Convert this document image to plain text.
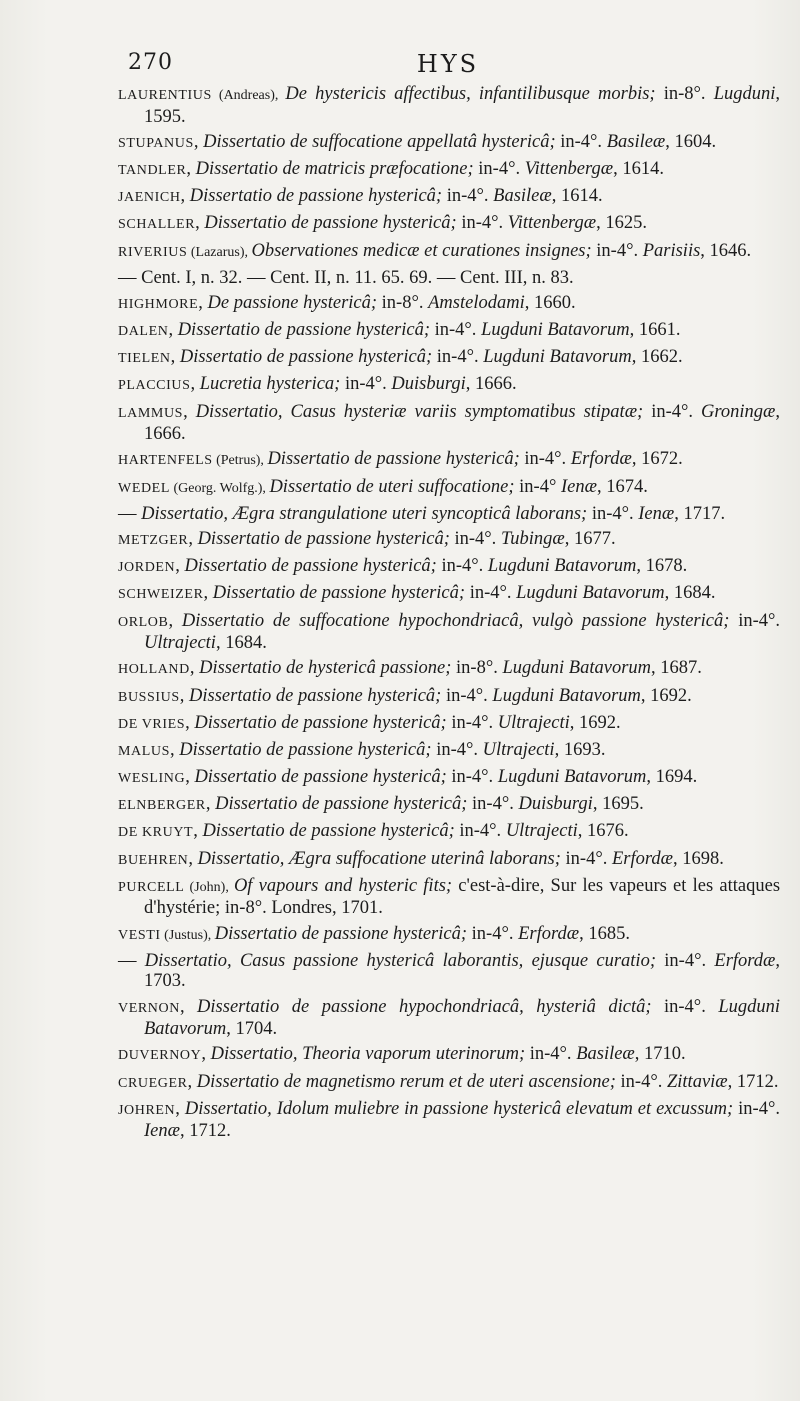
270	HYS

LAURENTIUS (Andreas), De hystericis affectibus, infantilibusque morbis; in-8°. Lugduni, 1595.

STUPANUS, Dissertatio de suffocatione appellatâ hystericâ; in-4°. Basileæ, 1604.

TANDLER, Dissertatio de matricis præfocatione; in-4°. Vittenbergæ, 1614.

JAENICH, Dissertatio de passione hystericâ; in-4°. Basileæ, 1614.

SCHALLER, Dissertatio de passione hystericâ; in-4°. Vittenbergæ, 1625.

RIVERIUS (Lazarus), Observationes medicæ et curationes insignes; in-4°. Parisiis, 1646.

— Cent. I, n. 32. — Cent. II, n. 11. 65. 69. — Cent. III, n. 83.

HIGHMORE, De passione hystericâ; in-8°. Amstelodami, 1660.

DALEN, Dissertatio de passione hystericâ; in-4°. Lugduni Batavorum, 1661.

TIELEN, Dissertatio de passione hystericâ; in-4°. Lugduni Batavorum, 1662.

PLACCIUS, Lucretia hysterica; in-4°. Duisburgi, 1666.

LAMMUS, Dissertatio, Casus hysteriæ variis symptomatibus stipatæ; in-4°. Groningæ, 1666.

HARTENFELS (Petrus), Dissertatio de passione hystericâ; in-4°. Erfordæ, 1672.

WEDEL (Georg. Wolfg.), Dissertatio de uteri suffocatione; in-4° Ienæ, 1674.

— Dissertatio, Ægra strangulatione uteri syncopticâ laborans; in-4°. Ienæ, 1717.

METZGER, Dissertatio de passione hystericâ; in-4°. Tubingæ, 1677.

JORDEN, Dissertatio de passione hystericâ; in-4°. Lugduni Batavorum, 1678.

SCHWEIZER, Dissertatio de passione hystericâ; in-4°. Lugduni Batavorum, 1684.

ORLOB, Dissertatio de suffocatione hypochondriacâ, vulgò passione hystericâ; in-4°. Ultrajecti, 1684.

HOLLAND, Dissertatio de hystericâ passione; in-8°. Lugduni Batavorum, 1687.

BUSSIUS, Dissertatio de passione hystericâ; in-4°. Lugduni Batavorum, 1692.

DE VRIES, Dissertatio de passione hystericâ; in-4°. Ultrajecti, 1692.

MALUS, Dissertatio de passione hystericâ; in-4°. Ultrajecti, 1693.

WESLING, Dissertatio de passione hystericâ; in-4°. Lugduni Batavorum, 1694.

ELNBERGER, Dissertatio de passione hystericâ; in-4°. Duisburgi, 1695.

DE KRUYT, Dissertatio de passione hystericâ; in-4°. Ultrajecti, 1676.

BUEHREN, Dissertatio, Ægra suffocatione uterinâ laborans; in-4°. Erfordæ, 1698.

PURCELL (John), Of vapours and hysteric fits; c'est-à-dire, Sur les vapeurs et les attaques d'hystérie; in-8°. Londres, 1701.

VESTI (Justus), Dissertatio de passione hystericâ; in-4°. Erfordæ, 1685.

— Dissertatio, Casus passione hystericâ laborantis, ejusque curatio; in-4°. Erfordæ, 1703.

VERNON, Dissertatio de passione hypochondriacâ, hysteriâ dictâ; in-4°. Lugduni Batavorum, 1704.

DUVERNOY, Dissertatio, Theoria vaporum uterinorum; in-4°. Basileæ, 1710.

CRUEGER, Dissertatio de magnetismo rerum et de uteri ascensione; in-4°. Zittaviæ, 1712.

JOHREN, Dissertatio, Idolum muliebre in passione hystericâ elevatum et excussum; in-4°. Ienæ, 1712.
